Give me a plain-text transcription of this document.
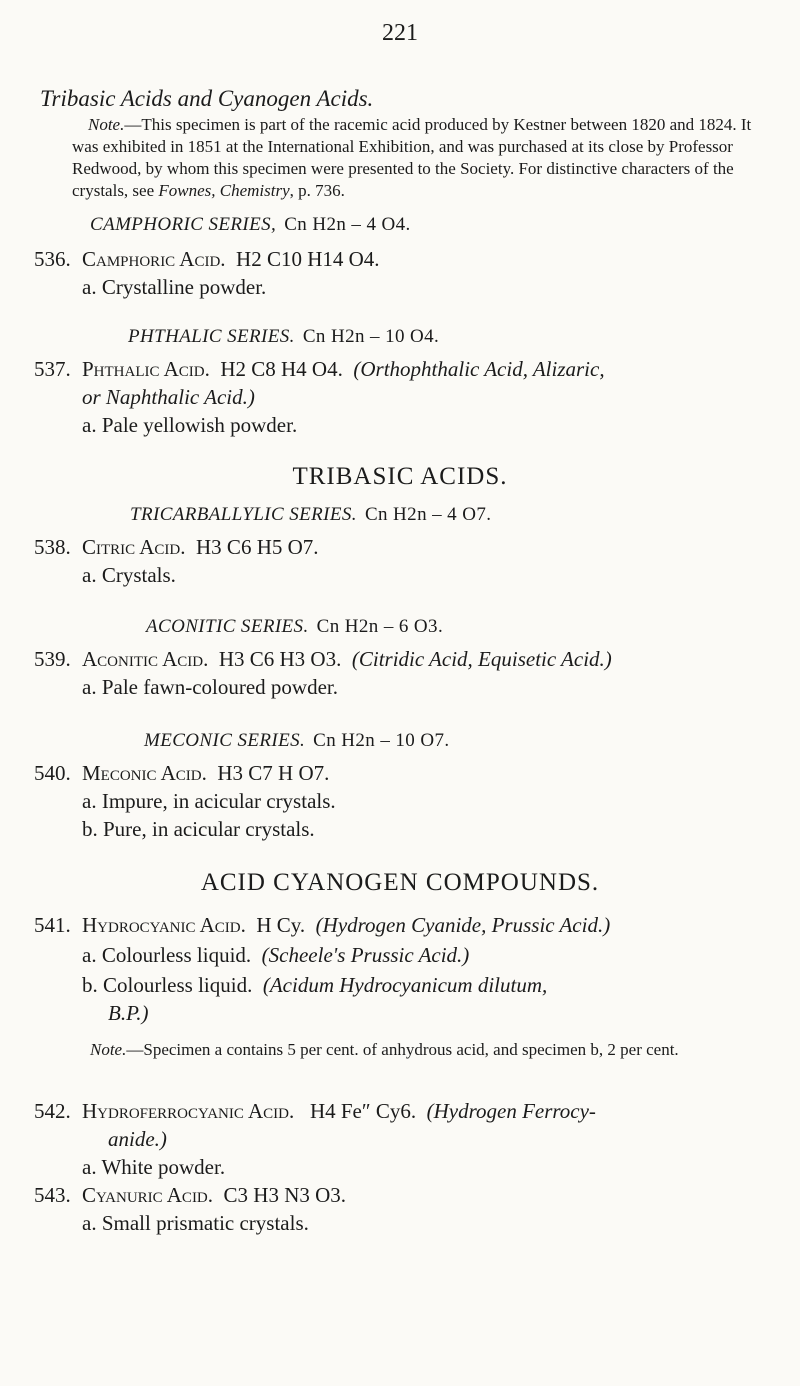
221
Tribasic Acids and Cyanogen Acids.
Note.—This specimen is part of the racemic acid produced by Kestner between 1820 and 1824. It was exhibited in 1851 at the International Exhibition, and was purchased at its close by Professor Redwood, by whom this specimen were presented to the Society. For distinctive characters of the crystals, see Fownes, Chemistry, p. 736.
CAMPHORIC SERIES, Cn H2n – 4 O4.
536. Camphoric Acid. H2 C10 H14 O4.
a. Crystalline powder.
PHTHALIC SERIES. Cn H2n – 10 O4.
537. Phthalic Acid. H2 C8 H4 O4. (Orthophthalic Acid, Alizaric,
or Naphthalic Acid.)
a. Pale yellowish powder.
TRIBASIC ACIDS.
TRICARBALLYLIC SERIES. Cn H2n – 4 O7.
538. Citric Acid. H3 C6 H5 O7.
a. Crystals.
ACONITIC SERIES. Cn H2n – 6 O3.
539. Aconitic Acid. H3 C6 H3 O3. (Citridic Acid, Equisetic Acid.)
a. Pale fawn-coloured powder.
MECONIC SERIES. Cn H2n – 10 O7.
540. Meconic Acid. H3 C7 H O7.
a. Impure, in acicular crystals.
b. Pure, in acicular crystals.
ACID CYANOGEN COMPOUNDS.
541. Hydrocyanic Acid. H Cy. (Hydrogen Cyanide, Prussic Acid.)
a. Colourless liquid. (Scheele's Prussic Acid.)
b. Colourless liquid. (Acidum Hydrocyanicum dilutum,
B.P.)
Note.—Specimen a contains 5 per cent. of anhydrous acid, and specimen b, 2 per cent.
542. Hydroferrocyanic Acid. H4 Fe″ Cy6. (Hydrogen Ferrocy-
anide.)
a. White powder.
543. Cyanuric Acid. C3 H3 N3 O3.
a. Small prismatic crystals.
